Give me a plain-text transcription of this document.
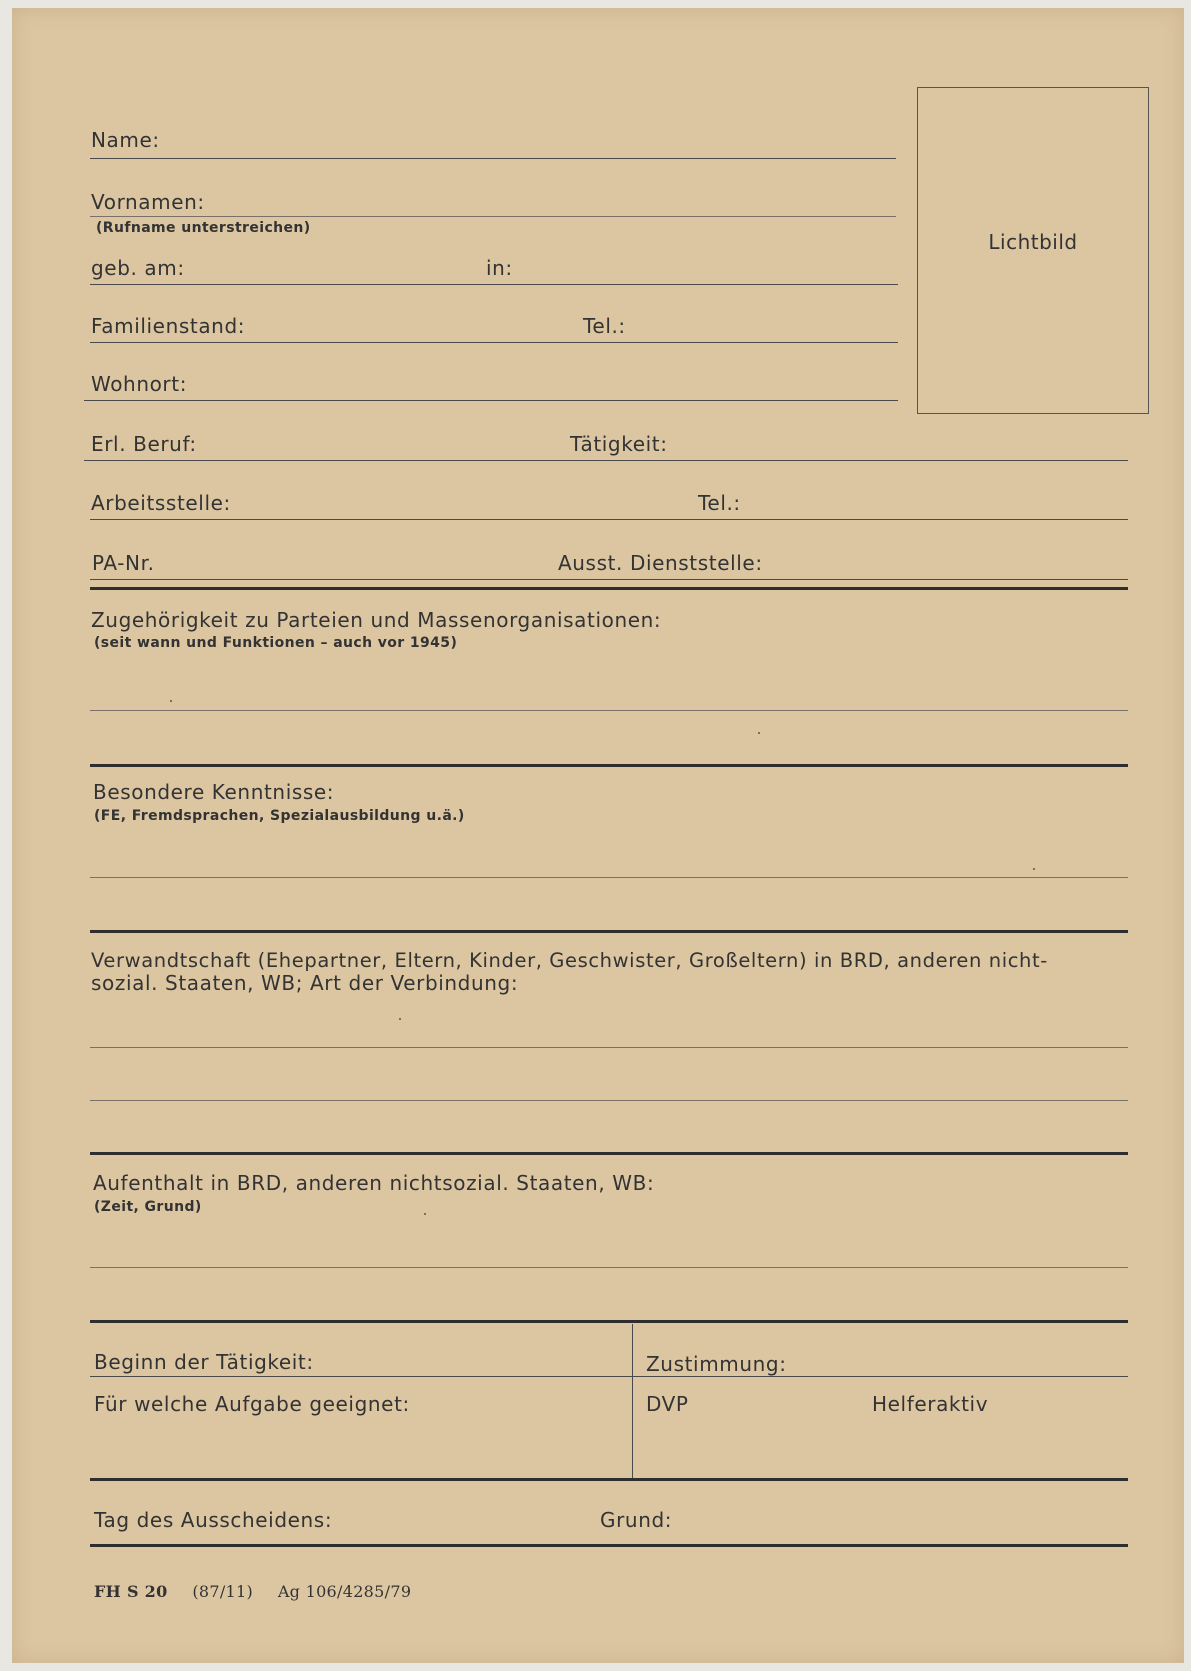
Lichtbild
Name:
Vornamen:
(Rufname unterstreichen)
geb. am:	in:
Familienstand:	Tel.:
Wohnort:
Erl. Beruf:	Tätigkeit:
Arbeitsstelle:	Tel.:
PA-Nr.	Ausst. Dienststelle:
Zugehörigkeit zu Parteien und Massenorganisationen:
(seit wann und Funktionen – auch vor 1945)
Besondere Kenntnisse:
(FE, Fremdsprachen, Spezialausbildung u.ä.)
Verwandtschaft (Ehepartner, Eltern, Kinder, Geschwister, Großeltern) in BRD, anderen nicht-
sozial. Staaten, WB; Art der Verbindung:
Aufenthalt in BRD, anderen nichtsozial. Staaten, WB:
(Zeit, Grund)
Beginn der Tätigkeit:	Zustimmung:
Für welche Aufgabe geeignet:	DVP	Helferaktiv
Tag des Ausscheidens:	Grund:
FH S 20 (87/11) Ag 106/4285/79
